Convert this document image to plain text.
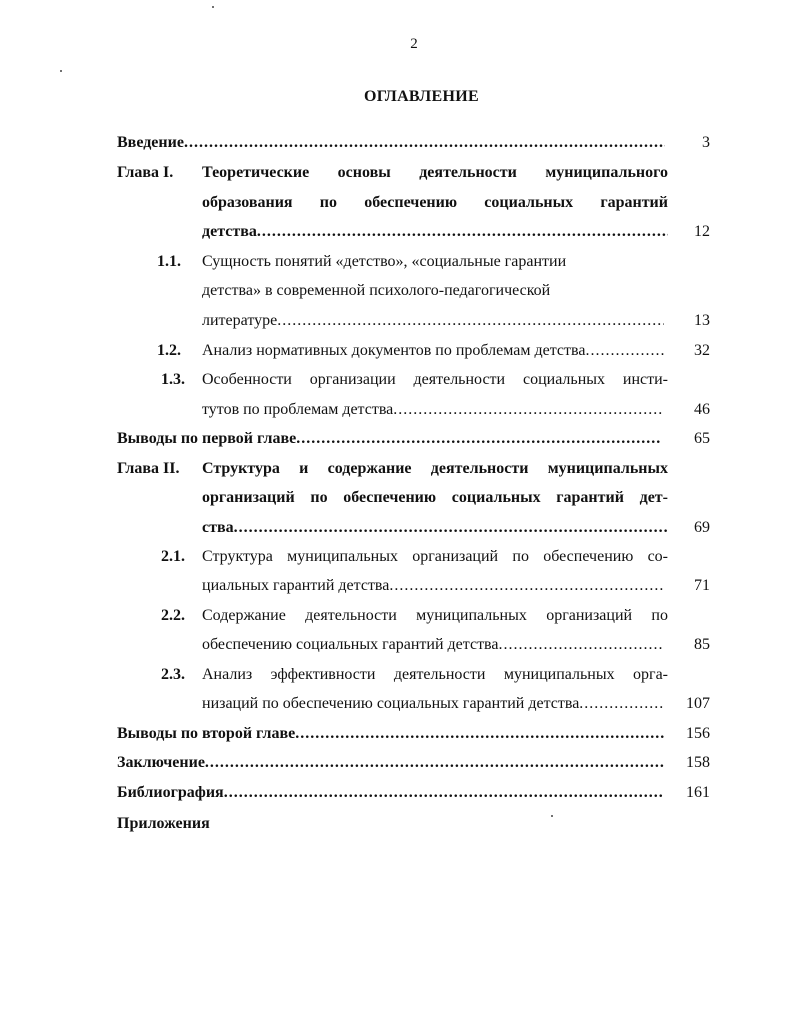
2
ОГЛАВЛЕНИЕ
Введение .....	3
Глава I. Теоретические основы деятельности муниципального
образования по обеспечению социальных гарантий
детства .....	12
1.1. Сущность понятий «детство», «социальные гарантии
детства» в современной психолого-педагогической
литературе .....	13
1.2. Анализ нормативных документов по проблемам детства .....	32
1.3. Особенности организации деятельности социальных инсти-
тутов по проблемам детства .....	46
Выводы по первой главе .....	65
Глава II. Структура и содержание деятельности муниципальных
организаций по обеспечению социальных гарантий дет-
ства .....	69
2.1. Структура муниципальных организаций по обеспечению со-
циальных гарантий детства .....	71
2.2. Содержание деятельности муниципальных организаций по
обеспечению социальных гарантий детства .....	85
2.3. Анализ эффективности деятельности муниципальных орга-
низаций по обеспечению социальных гарантий детства .....	107
Выводы по второй главе .....	156
Заключение .....	158
Библиография .....	161
Приложения
